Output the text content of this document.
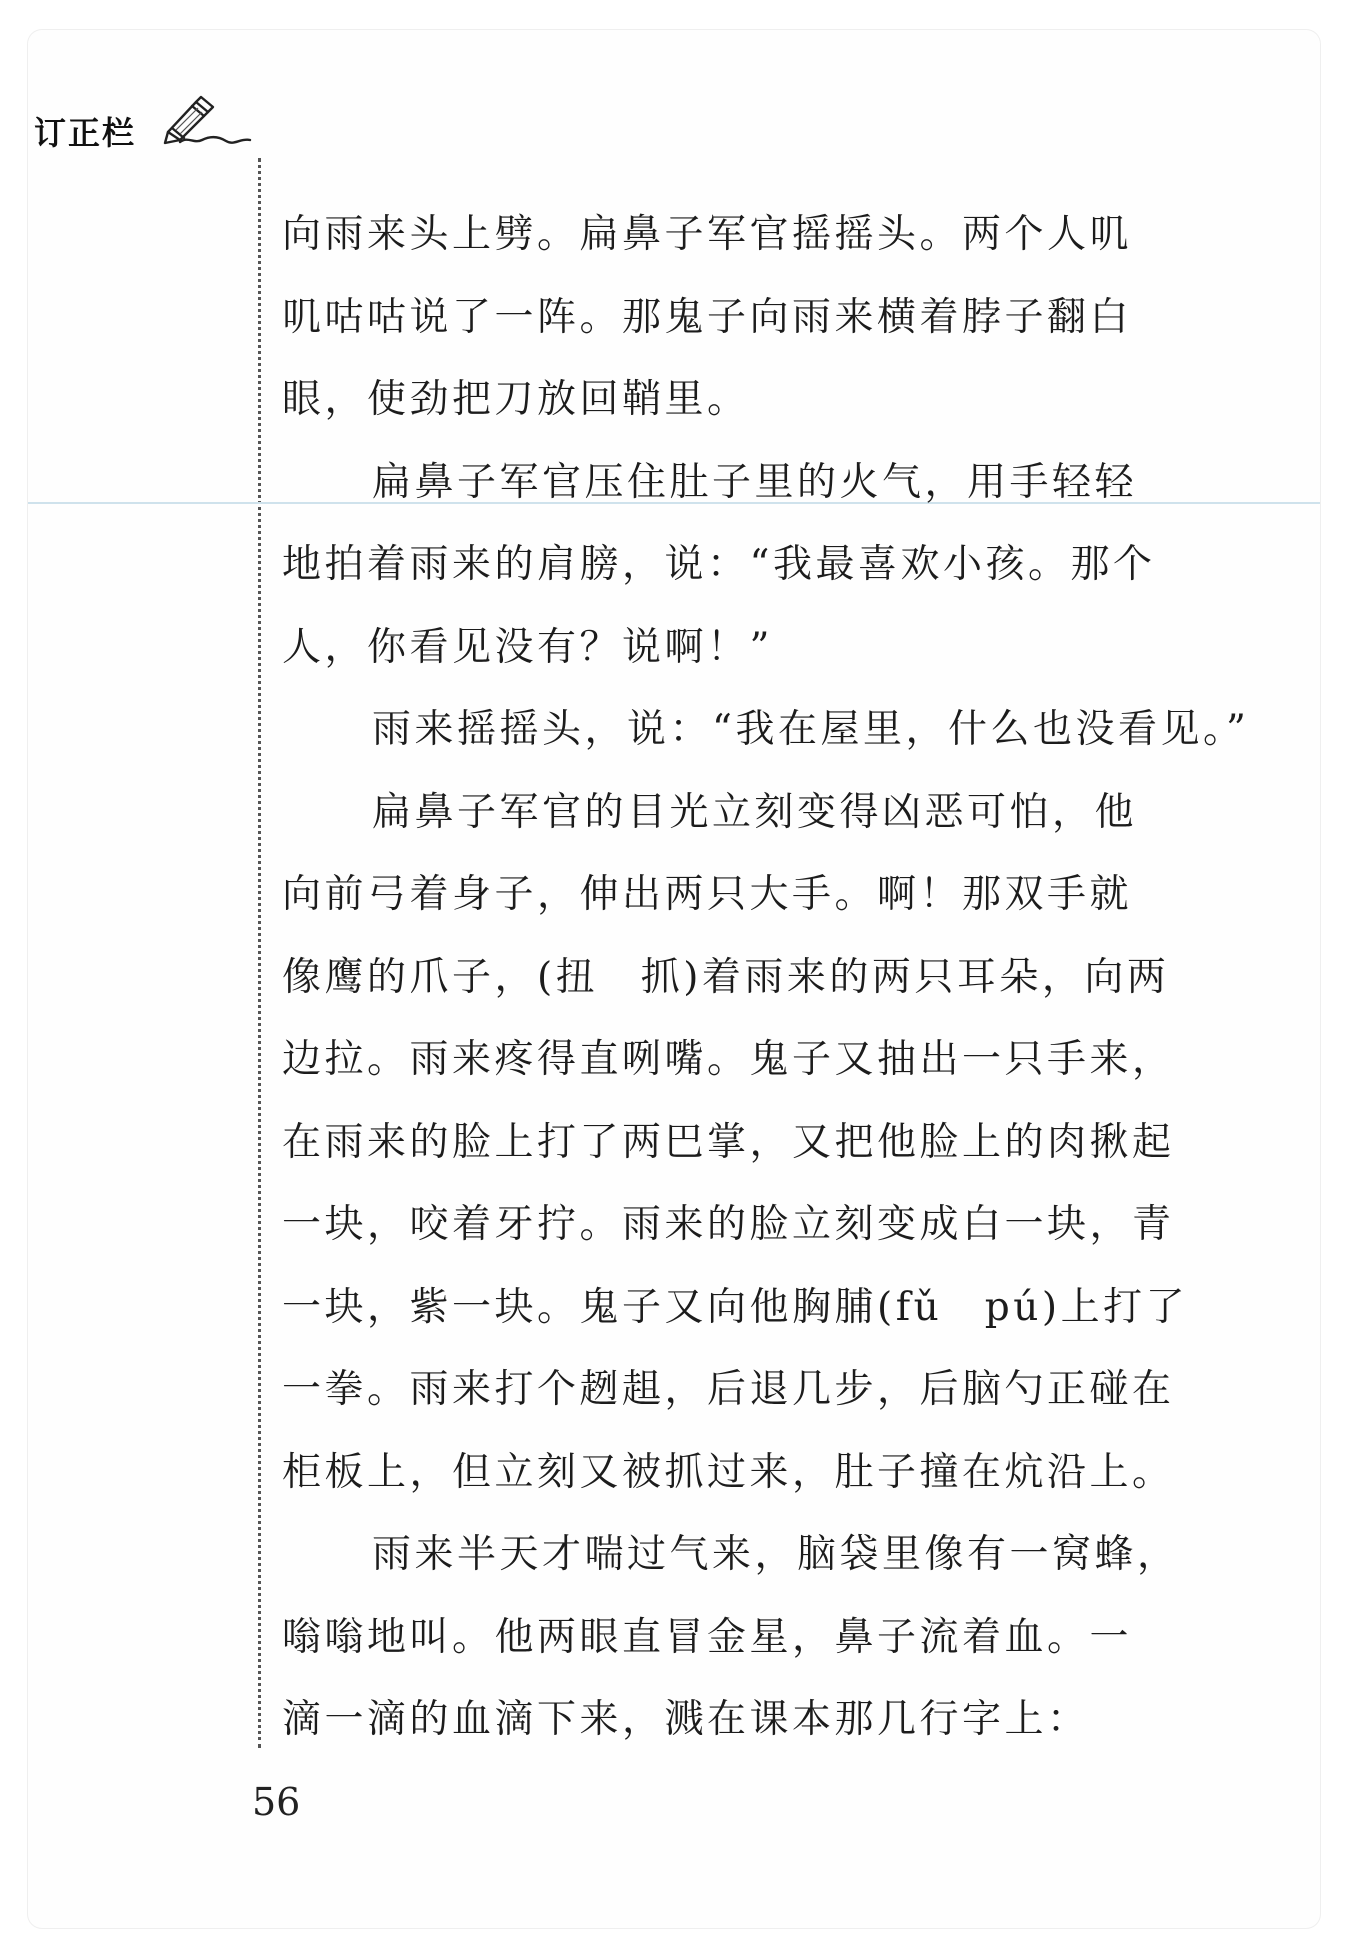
订正栏
向雨来头上劈。扁鼻子军官摇摇头。两个人叽
叽咕咕说了一阵。那鬼子向雨来横着脖子翻白
眼，使劲把刀放回鞘里。
扁鼻子军官压住肚子里的火气，用手轻轻
地拍着雨来的肩膀，说：“我最喜欢小孩。那个
人，你看见没有？说啊！”
雨来摇摇头，说：“我在屋里，什么也没看见。”
扁鼻子军官的目光立刻变得凶恶可怕，他
向前弓着身子，伸出两只大手。啊！那双手就
像鹰的爪子，(扭　抓)着雨来的两只耳朵，向两
边拉。雨来疼得直咧嘴。鬼子又抽出一只手来，
在雨来的脸上打了两巴掌，又把他脸上的肉揪起
一块，咬着牙拧。雨来的脸立刻变成白一块，青
一块，紫一块。鬼子又向他胸脯(fǔ　pú)上打了
一拳。雨来打个趔趄，后退几步，后脑勺正碰在
柜板上，但立刻又被抓过来，肚子撞在炕沿上。
雨来半天才喘过气来，脑袋里像有一窝蜂，
嗡嗡地叫。他两眼直冒金星，鼻子流着血。一
滴一滴的血滴下来，溅在课本那几行字上：
56
